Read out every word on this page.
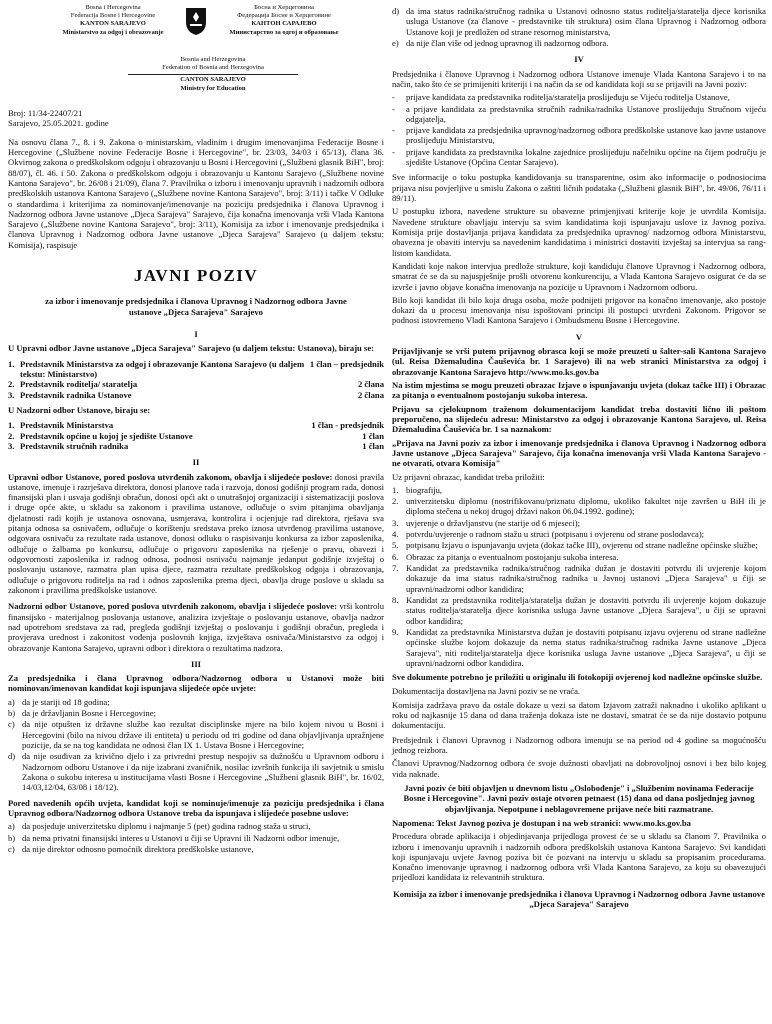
Bosna i Hercegovina
Federacija Bosne i Hercegovine
KANTON SARAJEVO
Ministarstvo za odgoj i obrazovanje
Босна и Херцеговина
Федерација Босне и Херцеговине
КАНТОН САРАЈЕВО
Министарство за одгој и образовање
Bosnia and Herzegovina
Federation of Bosnia and Herzegovina
CANTON SARAJEVO
Ministry for Education
Broj: 11/34-22407/21
Sarajevo, 25.05.2021. godine

Na osnovu člana 7., 8. i 9. Zakona o ministarskim, vladinim i drugim imenovanjima Federacije Bosne i Hercegovine („Službene novine Federacije Bosne i Hercegovine", br. 23/03, 34/03 i 65/13), člana 36. Okvirnog zakona o predškolskom odgoju i obrazovanju u Bosni i Hercegovini („Službeni glasnik BiH", broj: 88/07), čl. 46. i 50. Zakona o predškolskom odgoju i obrazovanju u Kantonu Sarajevo („Službene novine Kantona Sarajevo", br. 26/08 i 21/09), člana 7. Pravilnika o izboru i imenovanju upravnih i nadzornih odbora predškolskih ustanova Kantona Sarajevo („Službene novine Kantona Sarajevo", broj: 3/11) i tačke V Odluke o standardima i kriterijima za nominovanje/imenovanje na poziciju predsjednika i članova Upravnog i Nadzornog odbora Javne ustanove „Djeca Sarajeva" Sarajevo, čija konačna imenovanja vrši Vlada Kantona Sarajevo („Službene novine Kantona Sarajevo", broj: 3/11), Komisija za izbor i imenovanje predsjednika i članova Upravnog i Nadzornog odbora Javne ustanove „Djeca Sarajeva" Sarajevo (u daljem tekstu: Komisija), raspisuje

JAVNI POZIV

za izbor i imenovanje predsjednika i članova Upravnog i Nadzornog odbora Javne ustanove „Djeca Sarajeva" Sarajevo

I

U Upravni odbor Javne ustanove „Djeca Sarajeva" Sarajevo (u daljem tekstu: Ustanova), biraju se:

1. Predstavnik Ministarstva za odgoj i obrazovanje Kantona Sarajevo (u daljem tekstu: Ministarstvo)
1 član – predsjednik
2. Predstavnik roditelja/ staratelja	2 člana
3. Predstavnik radnika Ustanove	2 člana

U Nadzorni odbor Ustanove, biraju se:

1. Predstavnik Ministarstva	1 član - predsjednik
2. Predstavnik općine u kojoj je sjedište Ustanove	1 član
3. Predstavnik stručnih radnika	1 član
II

Upravni odbor Ustanove, pored poslova utvrđenih zakonom, obavlja i slijedeće poslove: donosi pravila ustanove, imenuje i razrješava direktora, donosi planove rada i razvoja, donosi godišnji program rada, donosi finansijski plan i usvaja godišnji obračun, donosi opći akt o unutrašnjoj organizaciji i sistematizaciji poslova i druge opće akte, u skladu sa zakonom i pravilima ustanove, odlučuje o svim pitanjima obavljanja djelatnosti radi kojih je ustanova osnovana, usmjerava, kontrolira i ocjenjuje rad direktora, rješava sva pitanja odnosa sa osnivačem, odlučuje o korištenju sredstava preko iznosa utvrđenog pravilima ustanove, odgovara osnivaču za rezultate rada ustanove, donosi odluku o raspisivanju konkursa za izbor zaposlenika, odlučuje o žalbama po konkursu, odlučuje o prigovoru zaposlenika na rješenje o pravu, obavezi i odgovornosti zaposlenika iz radnog odnosa, podnosi osnivaču najmanje jedanput godišnje izvještaj o poslovanju ustanove, razmatra plan upisa djece, razmatra rezultate predškolskog odgoja i obrazovanja, odlučuje o prigovoru roditelja na rad i odnos zaposlenika prema djeci, obavlja druge poslove u skladu sa zakonom i pravilima predškolske ustanove.

Nadzorni odbor Ustanove, pored poslova utvrđenih zakonom, obavlja i slijedeće poslove: vrši kontrolu finansijsko - materijalnog poslovanja ustanove, analizira izvještaje o poslovanju ustanove, obavlja nadzor nad upotrebom sredstava za rad, pregleda godišnji izvještaj o poslovanju i godišnji obračun, pregleda i provjerava urednost i zakonitost vođenja poslovnih knjiga, izvještava osnivača/Ministarstvo za odgoj i obrazovanje Kantona Sarajevo, upravni odbor i direktora o rezultatima nadzora.

III

Za predsjednika i člana Upravnog odbora/Nadzornog odbora u Ustanovi može biti nominovan/imenovan kandidat koji ispunjava slijedeće opće uvjete:

a) da je stariji od 18 godina;
b) da je državljanin Bosne i Hercegovine;
c) da nije otpušten iz državne službe kao rezultat disciplinske mjere na bilo kojem nivou u Bosni i Hercegovini (bilo na nivou države ili entiteta) u periodu od tri godine od dana objavljivanja upražnjene pozicije, da se na tog kandidata ne odnosi član IX 1. Ustava Bosne i Hercegovine;
d) da nije osuđivan za krivično djelo i za privredni prestup nespojiv sa dužnošću u Upravnom odboru i Nadzornom odboru Ustanove i da nije izabrani zvaničnik, nosilac izvršnih funkcija ili savjetnik u smislu Zakona o sukobu interesa u institucijama vlasti Bosne i Hercegovine „Službeni glasnik BiH", br. 16/02, 14/03,12/04, 63/08 i 18/12).

Pored navedenih općih uvjeta, kandidat koji se nominuje/imenuje za poziciju predsjednika i člana Upravnog odbora/Nadzornog odbora Ustanove treba da ispunjava i slijedeće posebne uslove:

a) da posjeduje univerzitetsku diplomu i najmanje 5 (pet) godina radnog staža u struci,
b) da nema privatni finansijski interes u Ustanovi u čiji se Upravni ili Nadzorni odbor imenuje,
c) da nije direktor odnosno pomoćnik direktora predškolske ustanove,
d) da ima status radnika/stručnog radnika u Ustanovi odnosno status roditelja/staratelja djece korisnika usluga Ustanove (za članove - predstavnike tih struktura) osim člana Upravnog i Nadzornog odbora Ustanove koji je predložen od strane resornog ministarstva,
e) da nije član više od jednog upravnog ili nadzornog odbora.
IV

Predsjednika i članove Upravnog i Nadzornog odbora Ustanove imenuje Vlada Kantona Sarajevo i to na način, tako što će se primijeniti kriteriji i na način da se od kandidata koji su se prijavili na Javni poziv:

-	prijave kandidata za predstavnika roditelja/staratelja proslijeđuju se Vijeću roditelja Ustanove,
-	a prijave kandidata za predstavnika stručnih radnika/radnika Ustanove proslijeđuju Stručnom vijeću odgajatelja,
-	prijave kandidata za predsjednika upravnog/nadzornog odbora predškolske ustanove kao javne ustanove proslijeđuju Ministarstvu,
-	prijave kandidata za predstavnika lokalne zajednice proslijeđuju načelniku općine na čijem području je sjedište Ustanove (Općina Centar Sarajevo).

Sve informacije o toku postupka kandidovanja su transparentne, osim ako informacije o podnosiocima prijava nisu povjerljive u smislu Zakona o zaštiti ličnih podataka („Službeni glasnik BiH", br. 49/06, 76/11 i 89/11).

U postupku izbora, navedene strukture su obavezne primjenjivati kriterije koje je utvrdila Komisija. Navedene strukture obavljaju intervju sa svim kandidatima koji ispunjavaju uslove iz Javnog poziva. Komisija prije dostavljanja prijava kandidata za predsjednika upravnog/ nadzornog odbora Ministarstvu, obavezna je obaviti intervju sa navedenim kandidatima i ministrici dostaviti izvještaj sa intervjua sa rang-listom kandidata.

Kandidati koje nakon intervjua predlože strukture, koji kandiduju članove Upravnog i Nadzornog odbora, smatrat će se da su najuspješnije prošli otvorenu konkurenciju, a Vlada Kantona Sarajevo osigurat će da se izvrše i javno objave konačna imenovanja na pozicije u Upravnom i Nadzornom odboru.

Bilo koji kandidat ili bilo koja druga osoba, može podnijeti prigovor na konačno imenovanje, ako postoje dokazi da u procesu imenovanja nisu ispoštovani principi ili postupci utvrđeni Zakonom. Prigovor se podnosi istovremeno Vladi Kantona Sarajevo i Ombudsmenu Bosne i Hercegovine.

V

Prijavljivanje se vrši putem prijavnog obrasca koji se može preuzeti u šalter-sali Kantona Sarajevo (ul. Reisa Džemaludina Čauševića br. 1 Sarajevo) ili na web stranici Ministarstva za odgoj i obrazovanje Kantona Sarajevo http://www.mo.ks.gov.ba

Na istim mjestima se mogu preuzeti obrazac Izjave o ispunjavanju uvjeta (dokaz tačke III) i Obrazac za pitanja o eventualnom postojanju sukoba interesa.

Prijavu sa cjelokupnom traženom dokumentacijom kandidat treba dostaviti lično ili poštom preporučeno, na slijedeću adresu: Ministarstvo za odgoj i obrazovanje Kantona Sarajevo, ul. Reisa Džemaludina Čauševića br. 1 sa naznakom:

„Prijava na Javni poziv za izbor i imenovanje predsjednika i članova Upravnog i Nadzornog odbora Javne ustanove „Djeca Sarajeva" Sarajevo, čija konačna imenovanja vrši Vlada Kantona Sarajevo - ne otvarati, otvara Komisija"

Uz prijavni obrazac, kandidat treba priložiti:

1. biografiju,
2. univerzitetsku diplomu (nostrifikovanu/priznatu diplomu, ukoliko fakultet nije završen u BiH ili je diploma stečena u nekoj drugoj državi nakon 06.04.1992. godine);
3. uvjerenje o državljanstvu (ne starije od 6 mjeseci);
4. potvrdu/uvjerenje o radnom stažu u struci (potpisanu i ovjerenu od strane poslodavca);
5. potpisanu Izjavu o ispunjavanju uvjeta (dokaz tačke III), ovjerenu od strane nadležne općinske službe;
6. Obrazac za pitanja o eventualnom postojanju sukoba interesa.
7. Kandidat za predstavnika radnika/stručnog radnika dužan je dostaviti potvrdu ili uvjerenje kojom dokazuje da ima status radnika/stručnog radnika u Javnoj ustanovi „Djeca Sarajeva" u čiji se upravni/nadzorni odbor kandidira;
8. Kandidat za predstavnika roditelja/staratelja dužan je dostaviti potvrdu ili uvjerenje kojom dokazuje status roditelja/staratelja djece korisnika usluga Javne ustanove „Djeca Sarajeva", u čiji se upravni odbor kandidira;
9. Kandidat za predstavnika Ministarstva dužan je dostaviti potpisanu izjavu ovjerenu od strane nadležne općinske službe kojom dokazuje da nema status radnika/stručnog radnika Javne ustanove „Djeca Sarajeva", niti roditelja/staratelja djece korisnika usluga Javne ustanove „Djeca Sarajeva", u čiji se upravni/nadzorni odbor kandidira.

Sve dokumente potrebno je priložiti u originalu ili fotokopiji ovjerenoj kod nadležne općinske službe.

Dokumentacija dostavljena na Javni poziv se ne vraća.

Komisija zadržava pravo da ostale dokaze u vezi sa datom Izjavom zatraži naknadno i ukoliko aplikant u roku od najkasnije 15 dana od dana traženja dokaza iste ne dostavi, smatrat će se da nije dostavio potpunu dokumentaciju.

Predsjednik i članovi Upravnog i Nadzornog odbora imenuju se na period od 4 godine sa mogućnošću jednog reizbora.

Članovi Upravnog/Nadzornog odbora će svoje dužnosti obavljati na dobrovoljnoj osnovi i bez bilo kojeg vida naknade.

Javni poziv će biti objavljen u dnevnom listu „Oslobođenje" i „Službenim novinama Federacije Bosne i Hercegovine". Javni poziv ostaje otvoren petnaest (15) dana od dana posljednjeg javnog objavljivanja. Nepotpune i neblagovremene prijave neće biti razmatrane.

Napomena: Tekst Javnog poziva je dostupan i na web stranici: www.mo.ks.gov.ba

Procedura obrade aplikacija i objedinjavanja prijedloga provest će se u skladu sa članom 7. Pravilnika o izboru i imenovanju upravnih i nadzornih odbora predškolskih ustanova Kantona Sarajevo. Svi kandidati koji ispunjavaju uvjete Javnog poziva bit će pozvani na intervju u skladu sa propisanim procedurama. Konačno imenovanje upravnog i nadzornog odbora vrši Vlada Kantona Sarajevo, za koju su obavezujući prijedlozi kandidata iz relevantnih struktura.

Komisija za izbor i imenovanje predsjednika i članova Upravnog i Nadzornog odbora Javne ustanove „Djeca Sarajeva" Sarajevo
